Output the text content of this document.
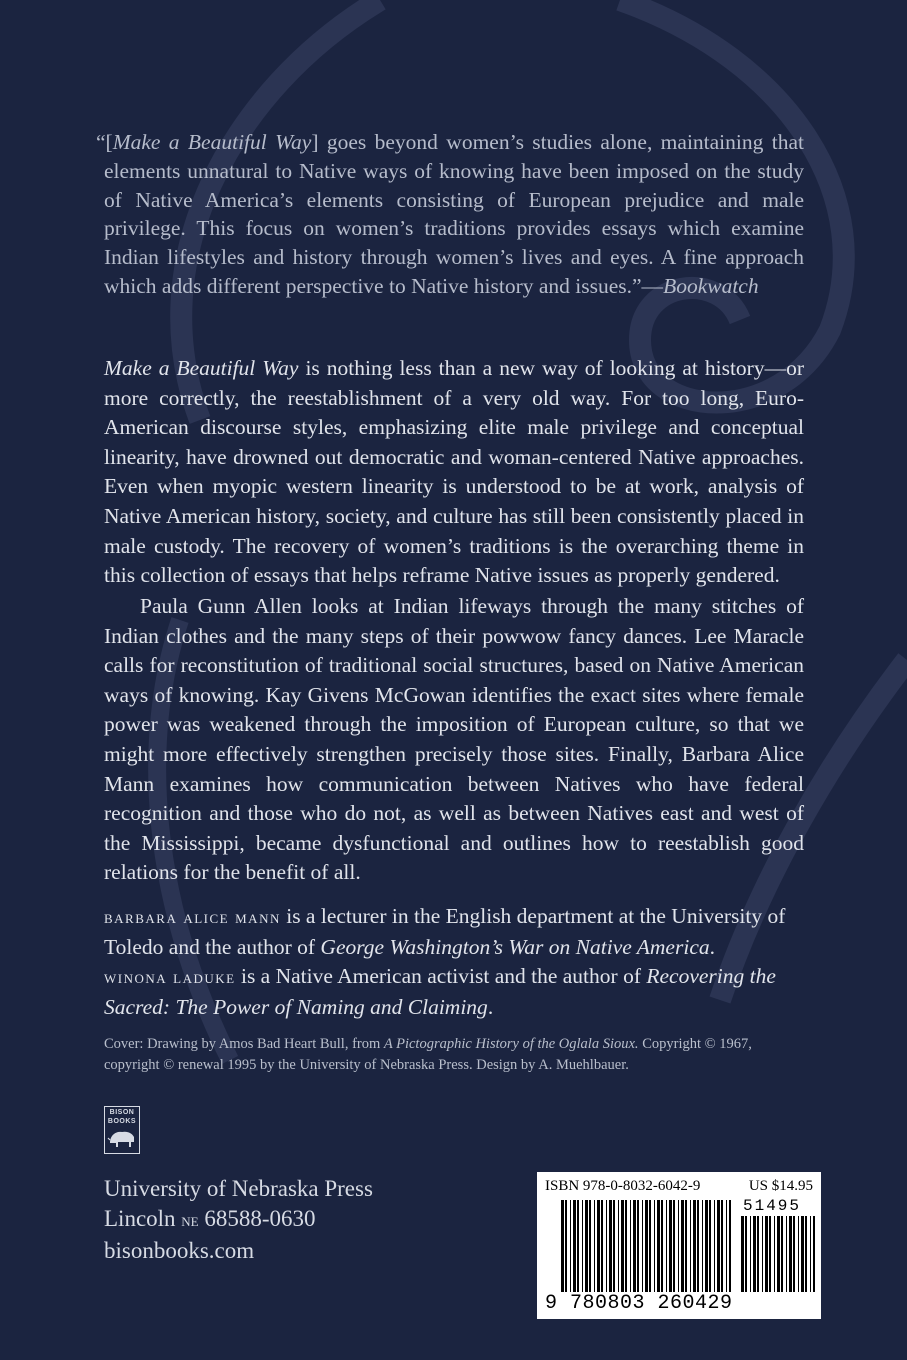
“[Make a Beautiful Way] goes beyond women’s studies alone, maintaining that elements unnatural to Native ways of knowing have been imposed on the study of Native America’s elements consisting of European prejudice and male privilege. This focus on women’s traditions provides essays which examine Indian lifestyles and history through women’s lives and eyes. A fine approach which adds different perspective to Native history and issues.”—Bookwatch

Make a Beautiful Way is nothing less than a new way of looking at history—or more correctly, the reestablishment of a very old way. For too long, Euro-American discourse styles, emphasizing elite male privilege and conceptual linearity, have drowned out democratic and woman-centered Native approaches. Even when myopic western linearity is understood to be at work, analysis of Native American history, society, and culture has still been consistently placed in male custody. The recovery of women’s traditions is the overarching theme in this collection of essays that helps reframe Native issues as properly gendered.

Paula Gunn Allen looks at Indian lifeways through the many stitches of Indian clothes and the many steps of their powwow fancy dances. Lee Maracle calls for reconstitution of traditional social structures, based on Native American ways of knowing. Kay Givens McGowan identifies the exact sites where female power was weakened through the imposition of European culture, so that we might more effectively strengthen precisely those sites. Finally, Barbara Alice Mann examines how communication between Natives who have federal recognition and those who do not, as well as between Natives east and west of the Mississippi, became dysfunctional and outlines how to reestablish good relations for the benefit of all.

barbara alice mann is a lecturer in the English department at the University of Toledo and the author of George Washington’s War on Native America.
winona laduke is a Native American activist and the author of Recovering the Sacred: The Power of Naming and Claiming.

Cover: Drawing by Amos Bad Heart Bull, from A Pictographic History of the Oglala Sioux. Copyright © 1967, copyright © renewal 1995 by the University of Nebraska Press. Design by A. Muehlbauer.

BISON
BOOKS
University of Nebraska Press
Lincoln ne 68588-0630
bisonbooks.com
ISBN 978-0-8032-6042-9	US $14.95
51495
9 780803 260429
